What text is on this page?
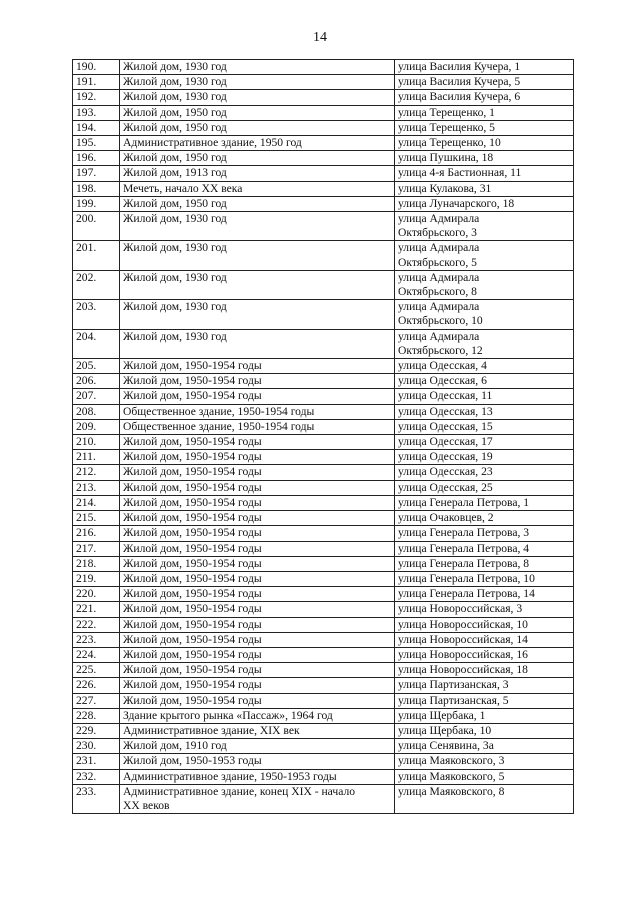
14
190.	Жилой дом, 1930 год	улица Василия Кучера, 1
191.	Жилой дом, 1930 год	улица Василия Кучера, 5
192.	Жилой дом, 1930 год	улица Василия Кучера, 6
193.	Жилой дом, 1950 год	улица Терещенко, 1
194.	Жилой дом, 1950 год	улица Терещенко, 5
195.	Административное здание, 1950 год	улица Терещенко, 10
196.	Жилой дом, 1950 год	улица Пушкина, 18
197.	Жилой дом, 1913 год	улица 4-я Бастионная, 11
198.	Мечеть, начало XX века	улица Кулакова, 31
199.	Жилой дом, 1950 год	улица Луначарского, 18
200.	Жилой дом, 1930 год	улица Адмирала
Октябрьского, 3
201.	Жилой дом, 1930 год	улица Адмирала
Октябрьского, 5
202.	Жилой дом, 1930 год	улица Адмирала
Октябрьского, 8
203.	Жилой дом, 1930 год	улица Адмирала
Октябрьского, 10
204.	Жилой дом, 1930 год	улица Адмирала
Октябрьского, 12
205.	Жилой дом, 1950-1954 годы	улица Одесская, 4
206.	Жилой дом, 1950-1954 годы	улица Одесская, 6
207.	Жилой дом, 1950-1954 годы	улица Одесская, 11
208.	Общественное здание, 1950-1954 годы	улица Одесская, 13
209.	Общественное здание, 1950-1954 годы	улица Одесская, 15
210.	Жилой дом, 1950-1954 годы	улица Одесская, 17
211.	Жилой дом, 1950-1954 годы	улица Одесская, 19
212.	Жилой дом, 1950-1954 годы	улица Одесская, 23
213.	Жилой дом, 1950-1954 годы	улица Одесская, 25
214.	Жилой дом, 1950-1954 годы	улица Генерала Петрова, 1
215.	Жилой дом, 1950-1954 годы	улица Очаковцев, 2
216.	Жилой дом, 1950-1954 годы	улица Генерала Петрова, 3
217.	Жилой дом, 1950-1954 годы	улица Генерала Петрова, 4
218.	Жилой дом, 1950-1954 годы	улица Генерала Петрова, 8
219.	Жилой дом, 1950-1954 годы	улица Генерала Петрова, 10
220.	Жилой дом, 1950-1954 годы	улица Генерала Петрова, 14
221.	Жилой дом, 1950-1954 годы	улица Новороссийская, 3
222.	Жилой дом, 1950-1954 годы	улица Новороссийская, 10
223.	Жилой дом, 1950-1954 годы	улица Новороссийская, 14
224.	Жилой дом, 1950-1954 годы	улица Новороссийская, 16
225.	Жилой дом, 1950-1954 годы	улица Новороссийская, 18
226.	Жилой дом, 1950-1954 годы	улица Партизанская, 3
227.	Жилой дом, 1950-1954 годы	улица Партизанская, 5
228.	Здание крытого рынка «Пассаж», 1964 год	улица Щербака, 1
229.	Административное здание, XIX век	улица Щербака, 10
230.	Жилой дом, 1910 год	улица Сенявина, 3а
231.	Жилой дом, 1950-1953 годы	улица Маяковского, 3
232.	Административное здание, 1950-1953 годы	улица Маяковского, 5
233.	Административное здание, конец XIX - начало
XX веков	улица Маяковского, 8
